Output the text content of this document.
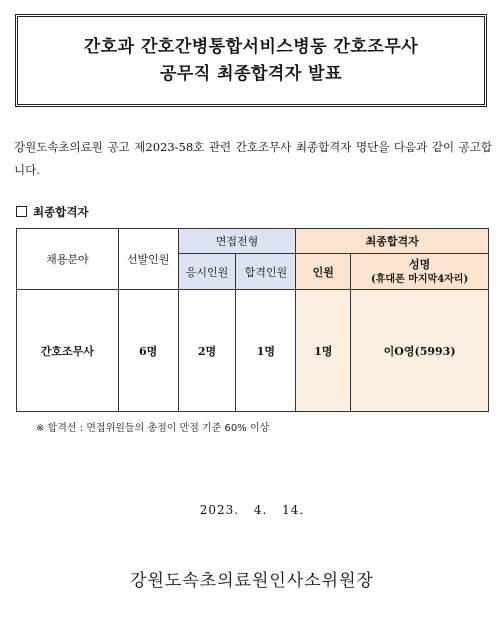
간호과 간호간병통합서비스병동 간호조무사
공무직 최종합격자 발표
강원도속초의료원 공고 제2023-58호 관련 간호조무사 최종합격자 명단을 다음과 같이 공고합니다.
최종합격자
채용분야	선발인원	면접전형		최종합격자	
		응시인원	합격인원	인원	성명
(휴대폰 마지막4자리)

간호조무사	6명	2명	1명	1명	이O영(5993)
※ 합격선 : 면접위원들의 총점이 만점 기준 60% 이상
2023. 4. 14.
강원도속초의료원인사소위원장
